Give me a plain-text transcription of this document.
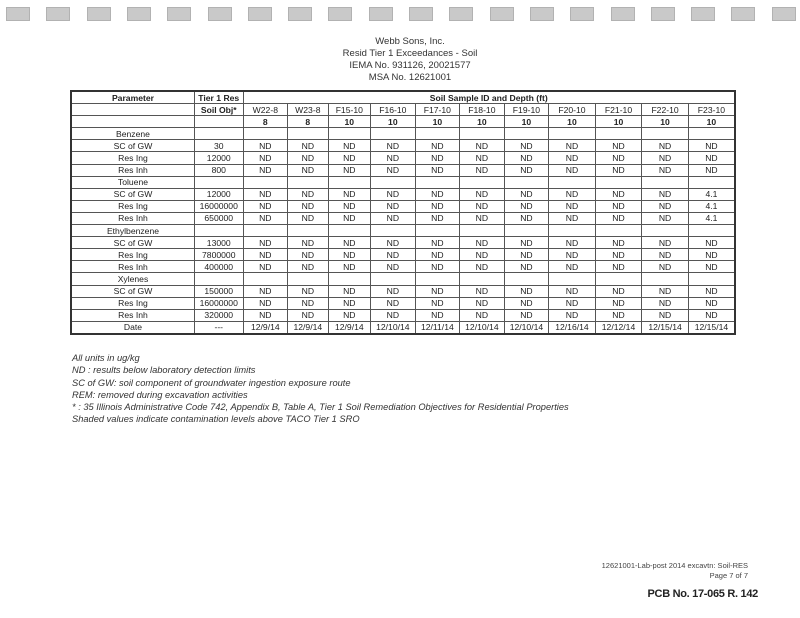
Webb Sons, Inc.
Resid Tier 1 Exceedances - Soil
IEMA No. 931126, 20021577
MSA No. 12621001
Parameter	Tier 1 Res	Soil Sample ID and Depth (ft)										
	Soil Obj*	W22-8	W23-8	F15-10	F16-10	F17-10	F18-10	F19-10	F20-10	F21-10	F22-10	F23-10
		8	8	10	10	10	10	10	10	10	10	10
Benzene												
SC of GW	30	ND	ND	ND	ND	ND	ND	ND	ND	ND	ND	ND
Res Ing	12000	ND	ND	ND	ND	ND	ND	ND	ND	ND	ND	ND
Res Inh	800	ND	ND	ND	ND	ND	ND	ND	ND	ND	ND	ND
Toluene												
SC of GW	12000	ND	ND	ND	ND	ND	ND	ND	ND	ND	ND	4.1
Res Ing	16000000	ND	ND	ND	ND	ND	ND	ND	ND	ND	ND	4.1
Res Inh	650000	ND	ND	ND	ND	ND	ND	ND	ND	ND	ND	4.1
Ethylbenzene												
SC of GW	13000	ND	ND	ND	ND	ND	ND	ND	ND	ND	ND	ND
Res Ing	7800000	ND	ND	ND	ND	ND	ND	ND	ND	ND	ND	ND
Res Inh	400000	ND	ND	ND	ND	ND	ND	ND	ND	ND	ND	ND
Xylenes												
SC of GW	150000	ND	ND	ND	ND	ND	ND	ND	ND	ND	ND	ND
Res Ing	16000000	ND	ND	ND	ND	ND	ND	ND	ND	ND	ND	ND
Res Inh	320000	ND	ND	ND	ND	ND	ND	ND	ND	ND	ND	ND
Date	---	12/9/14	12/9/14	12/9/14	12/10/14	12/11/14	12/10/14	12/10/14	12/16/14	12/12/14	12/15/14	12/15/14
All units in ug/kg
ND : results below laboratory detection limits
SC of GW: soil component of groundwater ingestion exposure route
REM: removed during excavation activities
* : 35 Illinois Administrative Code 742, Appendix B, Table A, Tier 1 Soil Remediation Objectives for Residential Properties
Shaded values indicate contamination levels above TACO Tier 1 SRO
12621001-Lab-post 2014 excavtn: Soil-RES
Page 7 of 7
PCB No. 17-065 R. 142
